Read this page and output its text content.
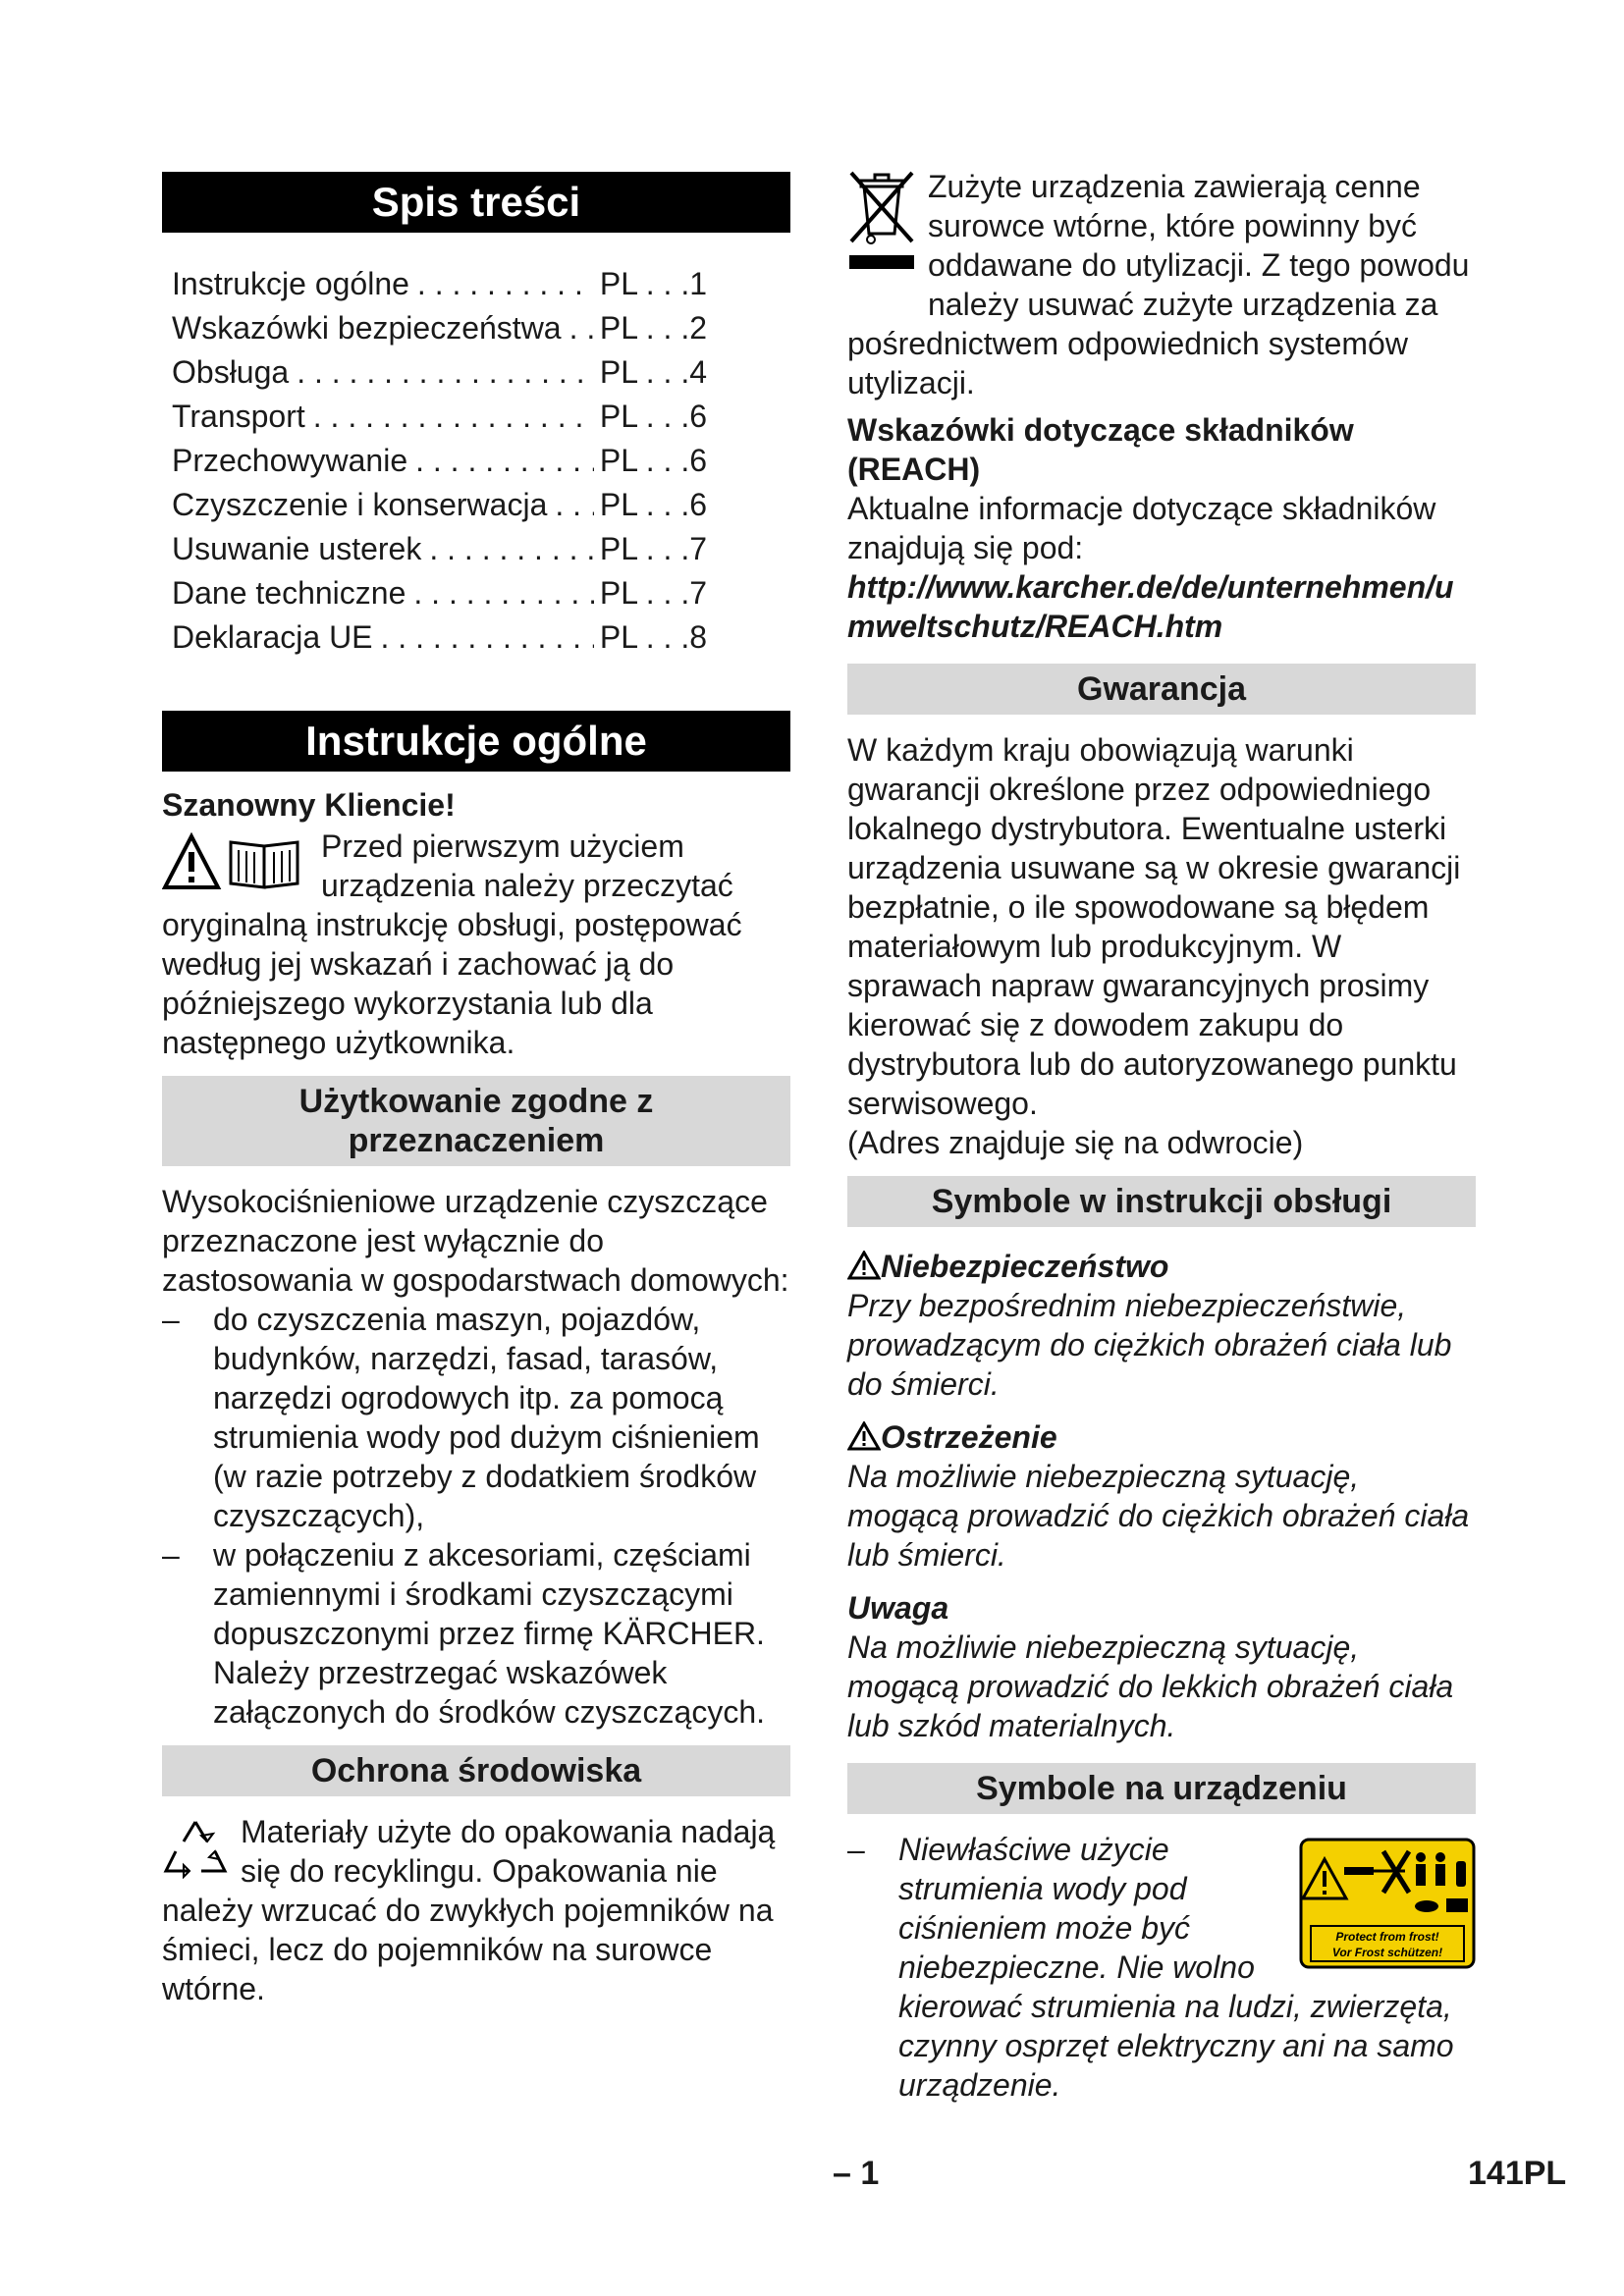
Spis treści
Instrukcje ogólne . . .	PL . . .1
Wskazówki bezpieczeństwa . . . PL . . .2
Obsługa . . .	PL . . .4
Transport . . .	PL . . .6
Przechowywanie . . .	PL . . .6
Czyszczenie i konserwacja . . . PL . . .6
Usuwanie usterek . . .	PL . . .7
Dane techniczne . . .	PL . . .7
Deklaracja UE . . .	PL . . .8
Instrukcje ogólne
Szanowny Kliencie!
Przed pierwszym użyciem urządzenia należy przeczytać oryginalną instrukcję obsługi, postępować według jej wskazań i zachować ją do późniejszego wykorzystania lub dla następnego użytkownika.
Użytkowanie zgodne z przeznaczeniem
Wysokociśnieniowe urządzenie czyszczące przeznaczone jest wyłącznie do zastosowania w gospodarstwach domowych:
– do czyszczenia maszyn, pojazdów, budynków, narzędzi, fasad, tarasów, narzędzi ogrodowych itp. za pomocą strumienia wody pod dużym ciśnieniem (w razie potrzeby z dodatkiem środków czyszczących),
– w połączeniu z akcesoriami, częściami zamiennymi i środkami czyszczącymi dopuszczonymi przez firmę KÄRCHER. Należy przestrzegać wskazówek załączonych do środków czyszczących.
Ochrona środowiska
Materiały użyte do opakowania nadają się do recyklingu. Opakowania nie należy wrzucać do zwykłych pojemników na śmieci, lecz do pojemników na surowce wtórne.
Zużyte urządzenia zawierają cenne surowce wtórne, które powinny być oddawane do utylizacji. Z tego powodu należy usuwać zużyte urządzenia za pośrednictwem odpowiednich systemów utylizacji.
Wskazówki dotyczące składników (REACH)
Aktualne informacje dotyczące składników znajdują się pod:
http://www.karcher.de/de/unternehmen/umweltschutz/REACH.htm
Gwarancja
W każdym kraju obowiązują warunki gwarancji określone przez odpowiedniego lokalnego dystrybutora. Ewentualne usterki urządzenia usuwane są w okresie gwarancji bezpłatnie, o ile spowodowane są błędem materiałowym lub produkcyjnym. W sprawach napraw gwarancyjnych prosimy kierować się z dowodem zakupu do dystrybutora lub do autoryzowanego punktu serwisowego.
(Adres znajduje się na odwrocie)
Symbole w instrukcji obsługi
Niebezpieczeństwo
Przy bezpośrednim niebezpieczeństwie, prowadzącym do ciężkich obrażeń ciała lub do śmierci.
Ostrzeżenie
Na możliwie niebezpieczną sytuację, mogącą prowadzić do ciężkich obrażeń ciała lub śmierci.
Uwaga
Na możliwie niebezpieczną sytuację, mogącą prowadzić do lekkich obrażeń ciała lub szkód materialnych.
Symbole na urządzeniu
–
Protect from frost!
Vor Frost schützen!
Niewłaściwe użycie strumienia wody pod ciśnieniem może być niebezpieczne. Nie wolno kierować strumienia na ludzi, zwierzęta, czynny osprzęt elektryczny ani na samo urządzenie.
– 1	141PL
